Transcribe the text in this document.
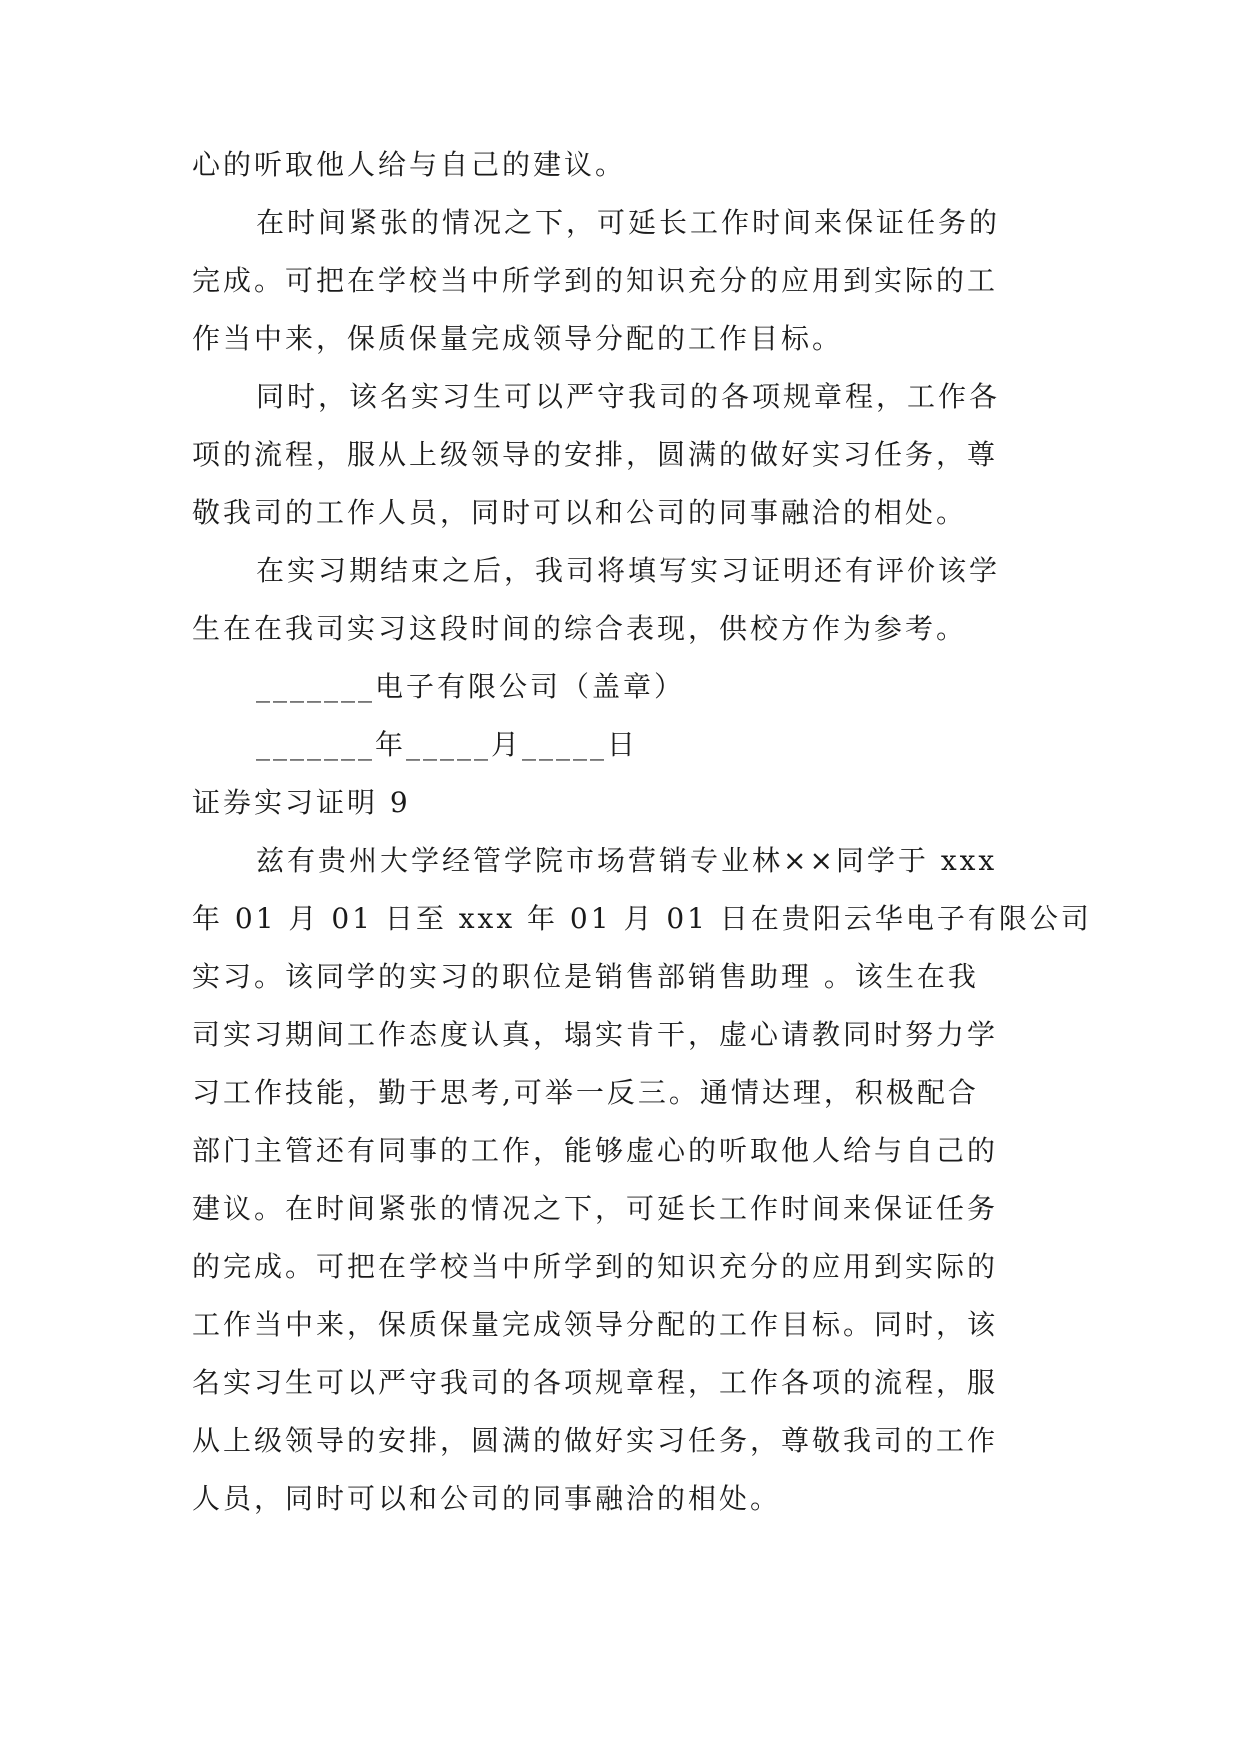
心的听取他人给与自己的建议。

在时间紧张的情况之下，可延长工作时间来保证任务的

完成。可把在学校当中所学到的知识充分的应用到实际的工

作当中来，保质保量完成领导分配的工作目标。

同时，该名实习生可以严守我司的各项规章程，工作各

项的流程，服从上级领导的安排，圆满的做好实习任务，尊

敬我司的工作人员，同时可以和公司的同事融洽的相处。

在实习期结束之后，我司将填写实习证明还有评价该学

生在在我司实习这段时间的综合表现，供校方作为参考。

_______电子有限公司（盖章）

_______年_____月_____日

证券实习证明 9

兹有贵州大学经管学院市场营销专业林××同学于 xxx

年 01 月 01 日至 xxx 年 01 月 01 日在贵阳云华电子有限公司

实习。该同学的实习的职位是销售部销售助理 。该生在我

司实习期间工作态度认真，塌实肯干，虚心请教同时努力学

习工作技能，勤于思考,可举一反三。通情达理，积极配合

部门主管还有同事的工作，能够虚心的听取他人给与自己的

建议。在时间紧张的情况之下，可延长工作时间来保证任务

的完成。可把在学校当中所学到的知识充分的应用到实际的

工作当中来，保质保量完成领导分配的工作目标。同时，该

名实习生可以严守我司的各项规章程，工作各项的流程，服

从上级领导的安排，圆满的做好实习任务，尊敬我司的工作

人员，同时可以和公司的同事融洽的相处。
